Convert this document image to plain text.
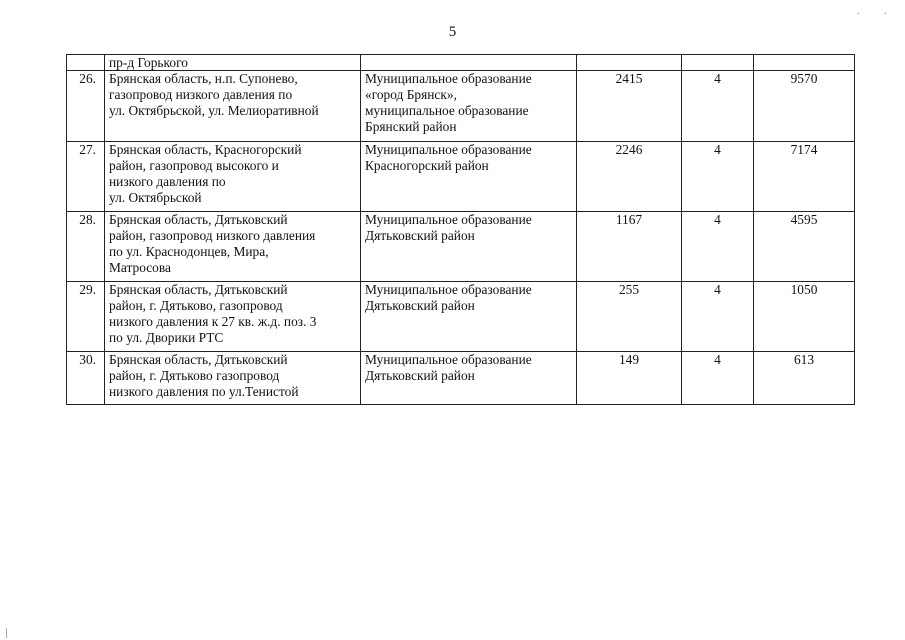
5
. .
	пр-д Горького				
26.	Брянская область, н.п. Супонево,
газопровод низкого давления по
ул. Октябрьской, ул. Мелиоративной	Муниципальное образование
«город Брянск»,
муниципальное образование
Брянский район	2415	4	9570
27.	Брянская область, Красногорский
район, газопровод высокого и
низкого давления по
ул. Октябрьской	Муниципальное образование
Красногорский район	2246	4	7174
28.	Брянская область, Дятьковский
район, газопровод низкого давления
по ул. Краснодонцев, Мира,
Матросова	Муниципальное образование
Дятьковский район	1167	4	4595
29.	Брянская область, Дятьковский
район, г. Дятьково, газопровод
низкого давления к 27 кв. ж.д. поз. 3
по ул. Дворики РТС	Муниципальное образование
Дятьковский район	255	4	1050
30.	Брянская область, Дятьковский
район, г. Дятьково газопровод
низкого давления по ул.Тенистой	Муниципальное образование
Дятьковский район	149	4	613
